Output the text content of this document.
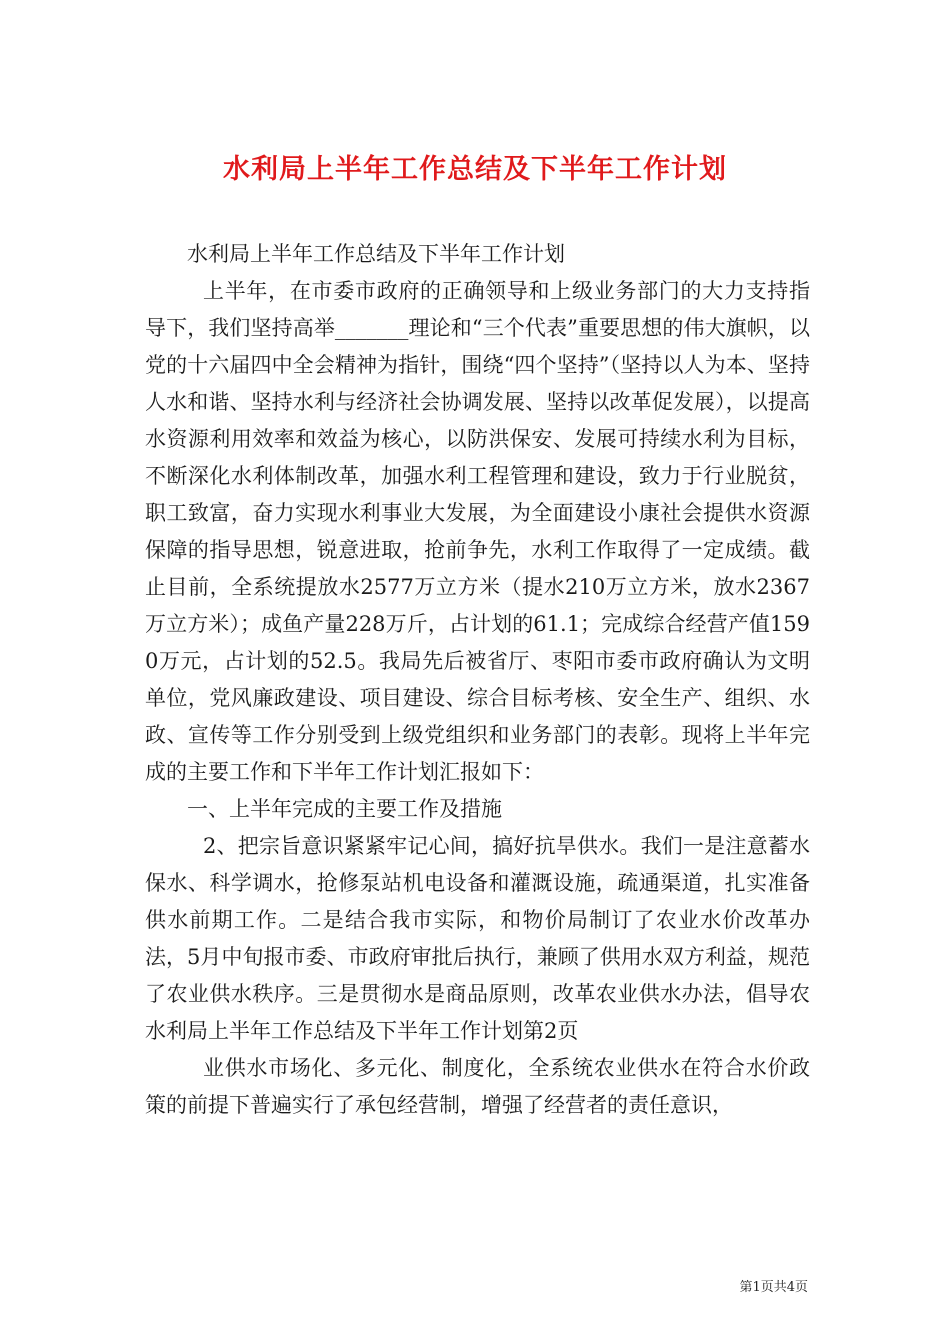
水利局上半年工作总结及下半年工作计划

水利局上半年工作总结及下半年工作计划

上半年，在市委市政府的正确领导和上级业务部门的大力支持指导下，我们坚持高举_______理论和“三个代表”重要思想的伟大旗帜，以党的十六届四中全会精神为指针，围绕“四个坚持”（坚持以人为本、坚持人水和谐、坚持水利与经济社会协调发展、坚持以改革促发展），以提高水资源利用效率和效益为核心，以防洪保安、发展可持续水利为目标，不断深化水利体制改革，加强水利工程管理和建设，致力于行业脱贫，职工致富，奋力实现水利事业大发展，为全面建设小康社会提供水资源保障的指导思想，锐意进取，抢前争先，水利工作取得了一定成绩。截止目前，全系统提放水2577万立方米（提水210万立方米，放水2367万立方米）；成鱼产量228万斤，占计划的61.1；完成综合经营产值1590万元，占计划的52.5。我局先后被省厅、枣阳市委市政府确认为文明单位，党风廉政建设、项目建设、综合目标考核、安全生产、组织、水政、宣传等工作分别受到上级党组织和业务部门的表彰。现将上半年完成的主要工作和下半年工作计划汇报如下：

一、上半年完成的主要工作及措施

2、把宗旨意识紧紧牢记心间，搞好抗旱供水。我们一是注意蓄水保水、科学调水，抢修泵站机电设备和灌溉设施，疏通渠道，扎实准备供水前期工作。二是结合我市实际，和物价局制订了农业水价改革办法，5月中旬报市委、市政府审批后执行，兼顾了供用水双方利益，规范了农业供水秩序。三是贯彻水是商品原则，改革农业供水办法，倡导农水利局上半年工作总结及下半年工作计划第2页

业供水市场化、多元化、制度化，全系统农业供水在符合水价政策的前提下普遍实行了承包经营制，增强了经营者的责任意识，

第1页共4页
